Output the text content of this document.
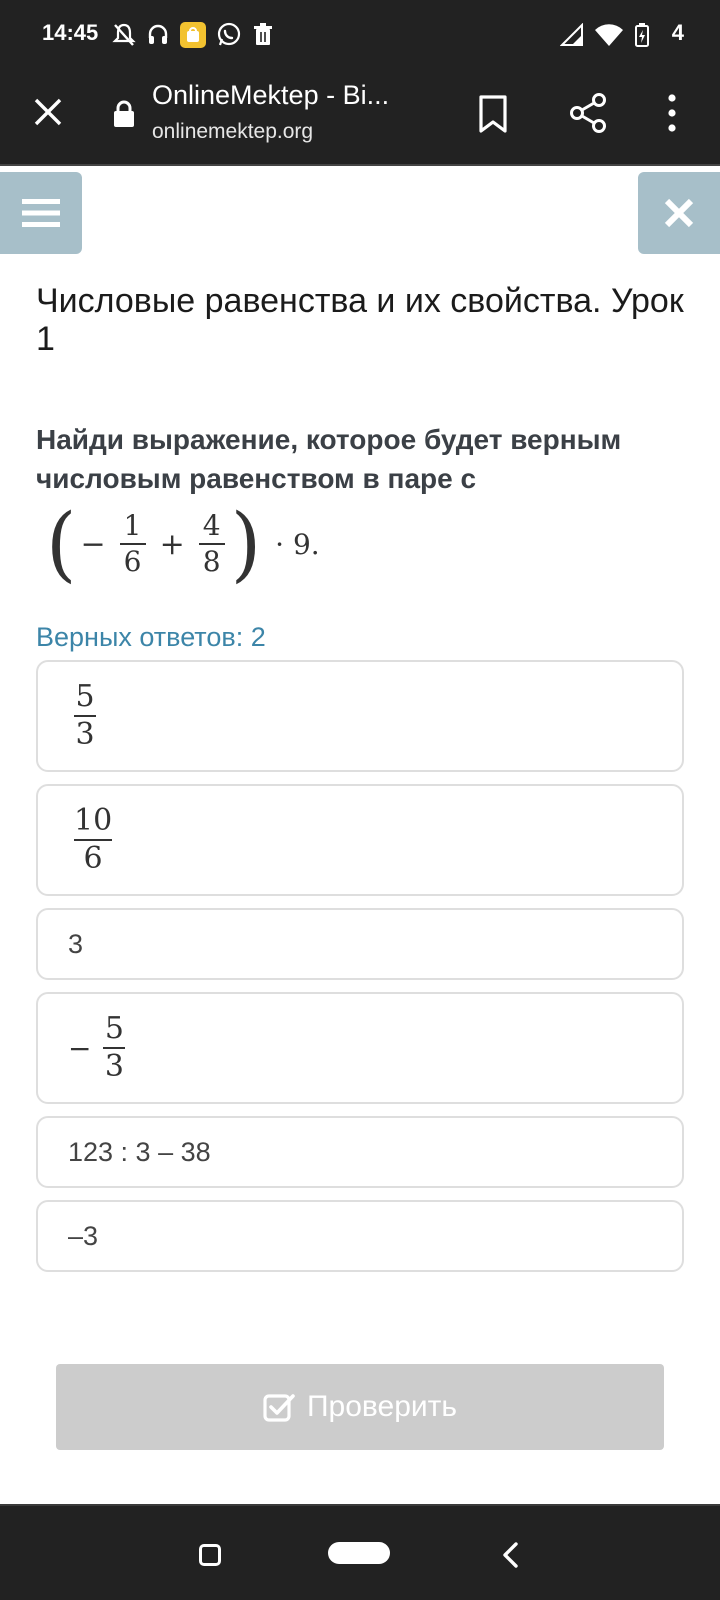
14:45	4
OnlineMektep - Bi...
onlinemektep.org
Числовые равенства и их свойства. Урок 1

Найди выражение, которое будет верным числовым равенством в паре с

( − $\frac{1}{6} + \frac{4}{8}$ ) · 9.
Верных ответов: 2
$\frac{5}{3}$
$\frac{10}{6}$
3
− $\frac{5}{3}$
123 : 3 – 38
–3
Проверить
